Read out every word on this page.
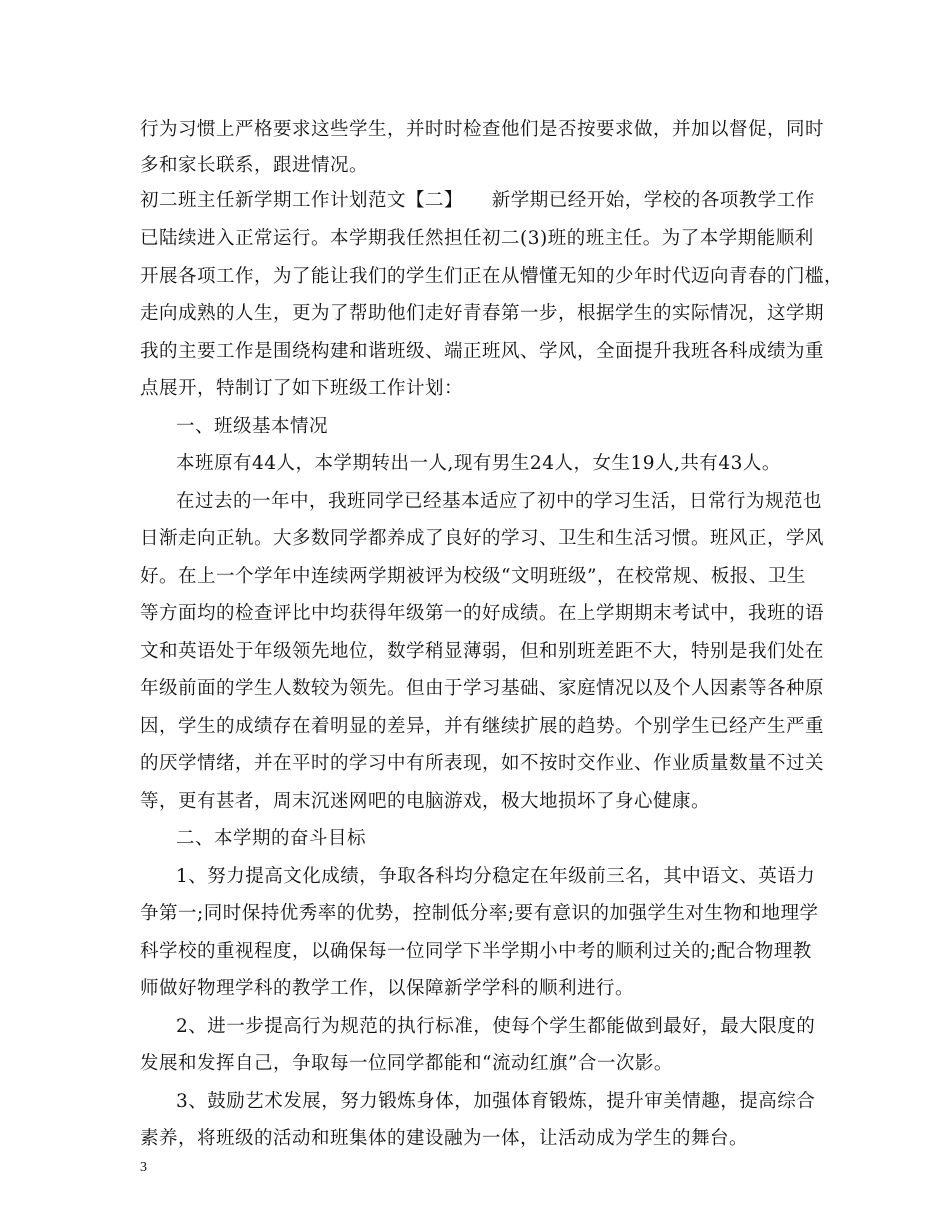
行为习惯上严格要求这些学生，并时时检查他们是否按要求做，并加以督促，同时
多和家长联系，跟进情况。
初二班主任新学期工作计划范文【二】　　新学期已经开始，学校的各项教学工作
已陆续进入正常运行。本学期我任然担任初二(3)班的班主任。为了本学期能顺利
开展各项工作，为了能让我们的学生们正在从懵懂无知的少年时代迈向青春的门槛，
走向成熟的人生，更为了帮助他们走好青春第一步，根据学生的实际情况，这学期
我的主要工作是围绕构建和谐班级、端正班风、学风，全面提升我班各科成绩为重
点展开，特制订了如下班级工作计划：
一、班级基本情况
本班原有44人，本学期转出一人,现有男生24人，女生19人,共有43人。
在过去的一年中，我班同学已经基本适应了初中的学习生活，日常行为规范也
日渐走向正轨。大多数同学都养成了良好的学习、卫生和生活习惯。班风正，学风
好。在上一个学年中连续两学期被评为校级“文明班级”，在校常规、板报、卫生
等方面均的检查评比中均获得年级第一的好成绩。在上学期期末考试中，我班的语
文和英语处于年级领先地位，数学稍显薄弱，但和别班差距不大，特别是我们处在
年级前面的学生人数较为领先。但由于学习基础、家庭情况以及个人因素等各种原
因，学生的成绩存在着明显的差异，并有继续扩展的趋势。个别学生已经产生严重
的厌学情绪，并在平时的学习中有所表现，如不按时交作业、作业质量数量不过关
等，更有甚者，周末沉迷网吧的电脑游戏，极大地损坏了身心健康。
二、本学期的奋斗目标
1、努力提高文化成绩，争取各科均分稳定在年级前三名，其中语文、英语力
争第一;同时保持优秀率的优势，控制低分率;要有意识的加强学生对生物和地理学
科学校的重视程度，以确保每一位同学下半学期小中考的顺利过关的;配合物理教
师做好物理学科的教学工作，以保障新学学科的顺利进行。
2、进一步提高行为规范的执行标准，使每个学生都能做到最好，最大限度的
发展和发挥自己，争取每一位同学都能和“流动红旗”合一次影。
3、鼓励艺术发展，努力锻炼身体，加强体育锻炼，提升审美情趣，提高综合
素养，将班级的活动和班集体的建设融为一体，让活动成为学生的舞台。
3
